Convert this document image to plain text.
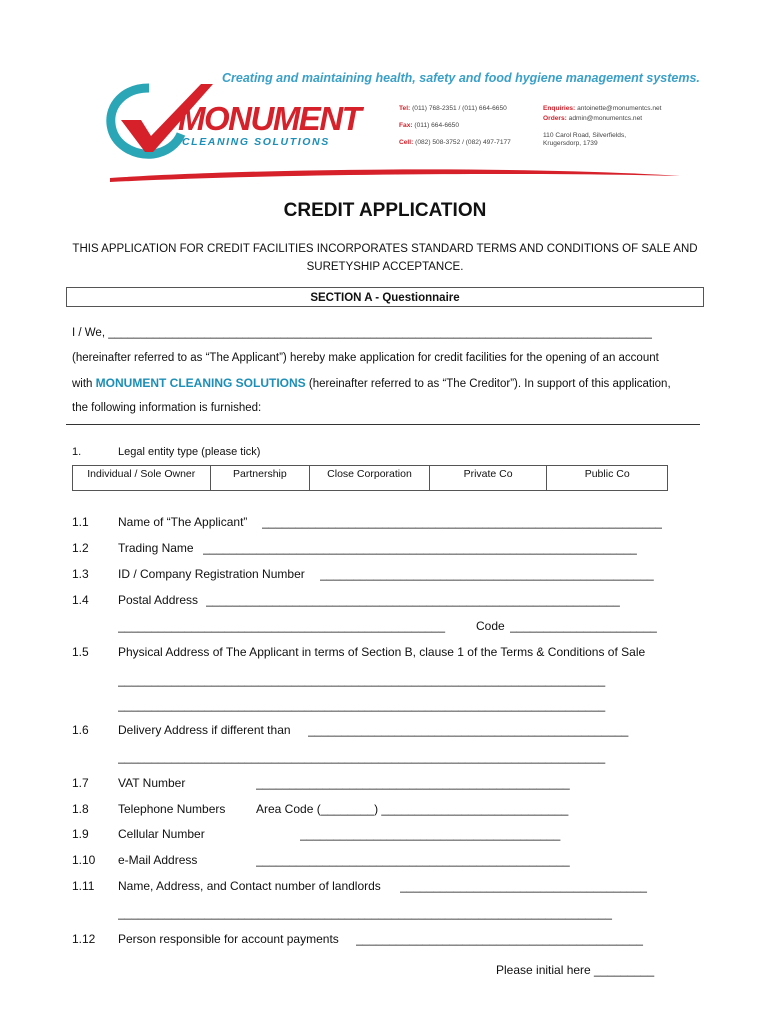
Creating and maintaining health, safety and food hygiene management systems.
MONUMENT
CLEANING SOLUTIONS
Tel: (011) 768-2351 / (011) 664-6650
Fax: (011) 664-6650
Cell: (082) 508-3752 / (082) 497-7177
Enquiries: antoinette@monumentcs.net
Orders: admin@monumentcs.net
110 Carol Road, Silverfields,
Krugersdorp, 1739
CREDIT APPLICATION
THIS APPLICATION FOR CREDIT FACILITIES INCORPORATES STANDARD TERMS AND CONDITIONS OF SALE AND
SURETYSHIP ACCEPTANCE.
SECTION A - Questionnaire
I / We, _____________________________________________________________________________________
(hereinafter referred to as “The Applicant”) hereby make application for credit facilities for the opening of an account
with MONUMENT CLEANING SOLUTIONS (hereinafter referred to as “The Creditor”). In support of this application,
the following information is furnished:
1.	Legal entity type (please tick)
Individual / Sole Owner	Partnership	Close Corporation	Private Co	Public Co
1.1 Name of “The Applicant” ____________________________________________________________
1.2 Trading Name _________________________________________________________________
1.3 ID / Company Registration Number __________________________________________________
1.4 Postal Address ______________________________________________________________
_________________________________________________	Code ______________________
1.5 Physical Address of The Applicant in terms of Section B, clause 1 of the Terms & Conditions of Sale
_________________________________________________________________________
_________________________________________________________________________
1.6 Delivery Address if different than ________________________________________________
_________________________________________________________________________
1.7 VAT Number	_______________________________________________
1.8 Telephone Numbers	Area Code (________) ____________________________
1.9 Cellular Number	_______________________________________
1.10 e-Mail Address	_______________________________________________
1.11 Name, Address, and Contact number of landlords _____________________________________
__________________________________________________________________________
1.12 Person responsible for account payments ___________________________________________
Please initial here _________
